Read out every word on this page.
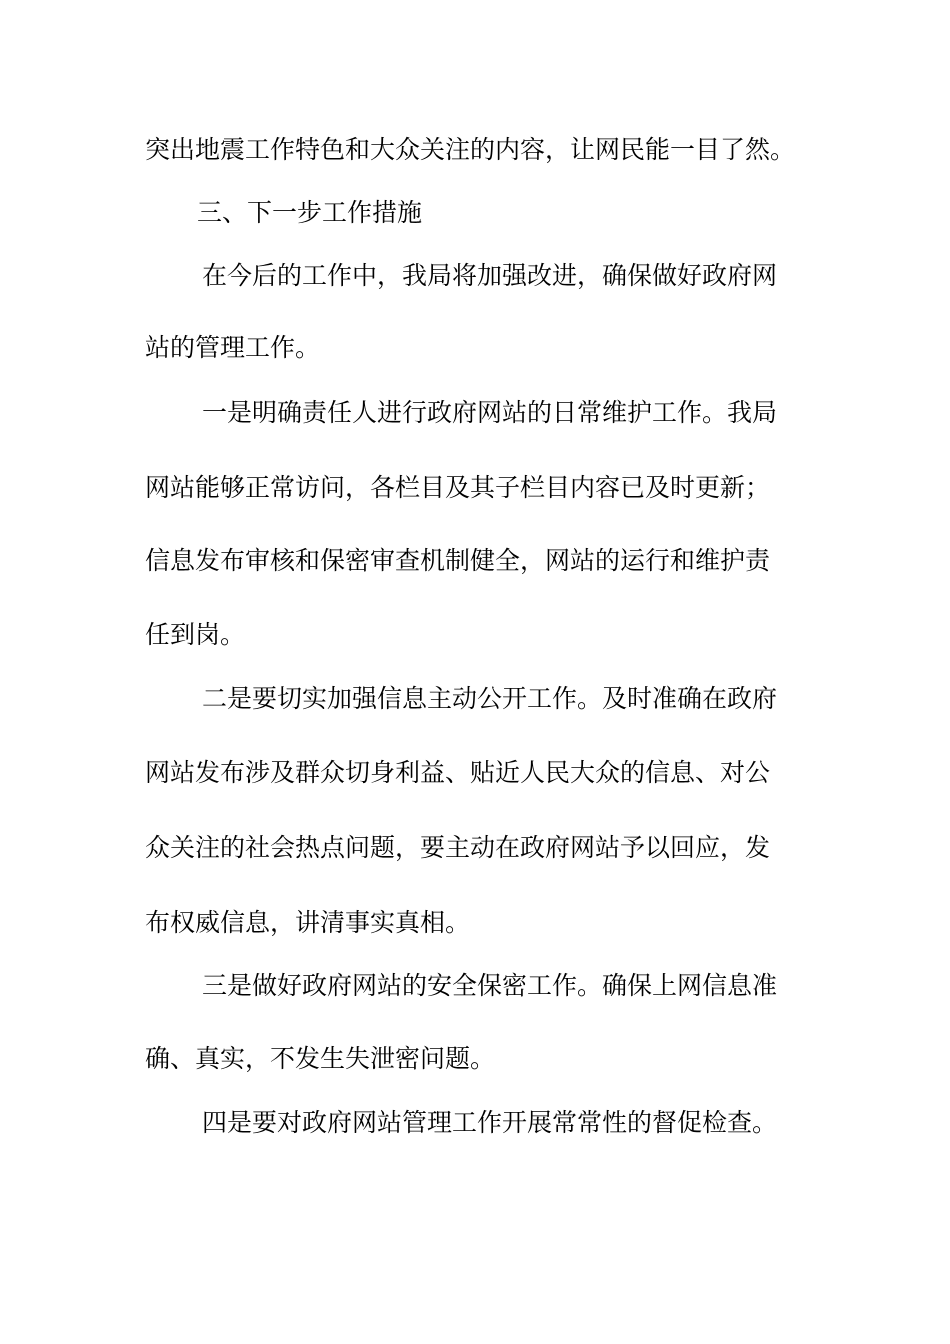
突出地震工作特色和大众关注的内容，让网民能一目了然。
三、下一步工作措施
在今后的工作中，我局将加强改进，确保做好政府网
站的管理工作。
一是明确责任人进行政府网站的日常维护工作。我局
网站能够正常访问，各栏目及其子栏目内容已及时更新；
信息发布审核和保密审查机制健全，网站的运行和维护责
任到岗。
二是要切实加强信息主动公开工作。及时准确在政府
网站发布涉及群众切身利益、贴近人民大众的信息、对公
众关注的社会热点问题，要主动在政府网站予以回应，发
布权威信息，讲清事实真相。
三是做好政府网站的安全保密工作。确保上网信息准
确、真实，不发生失泄密问题。
四是要对政府网站管理工作开展常常性的督促检查。
